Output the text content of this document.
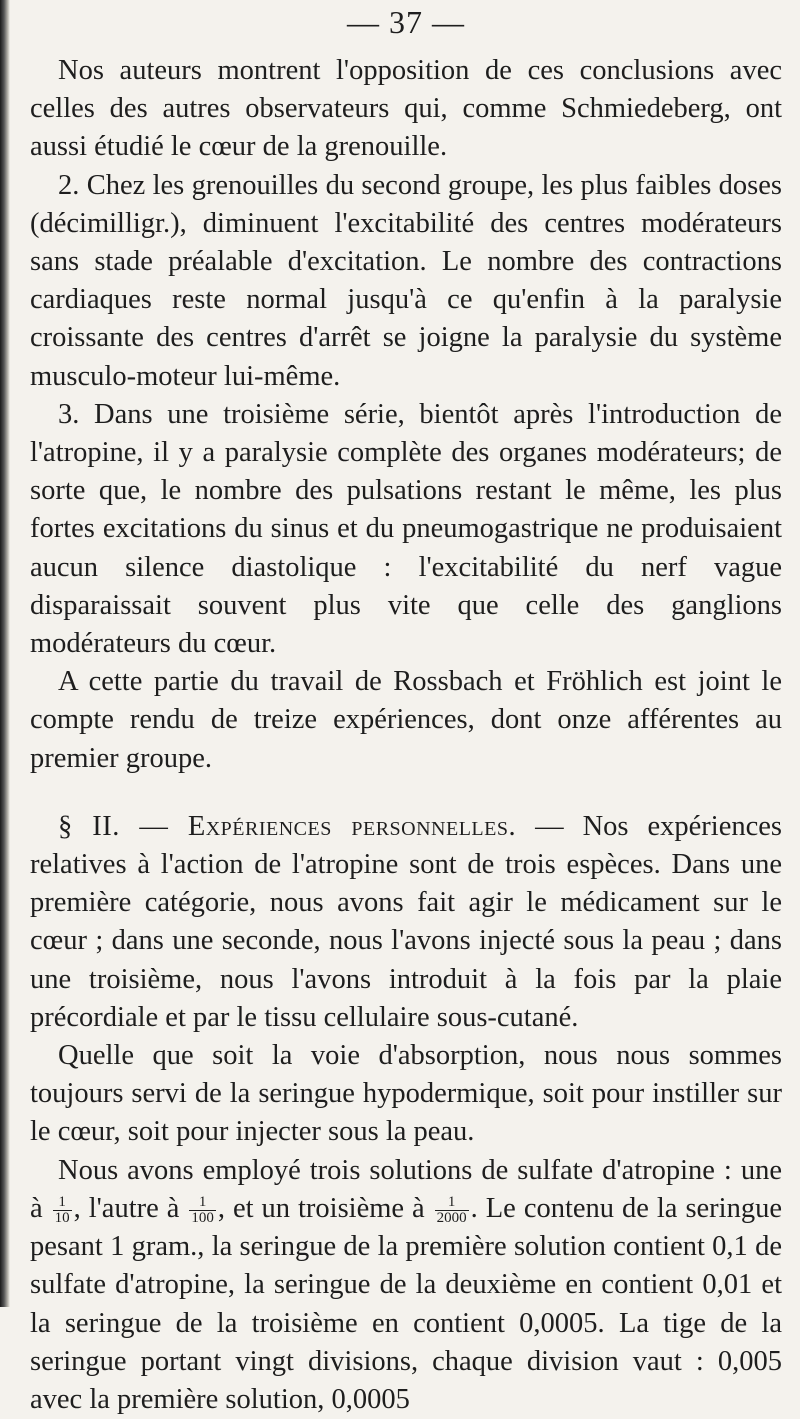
— 37 —

Nos auteurs montrent l'opposition de ces conclusions avec celles des autres observateurs qui, comme Schmiedeberg, ont aussi étudié le cœur de la grenouille.

2. Chez les grenouilles du second groupe, les plus faibles doses (décimilligr.), diminuent l'excitabilité des centres modérateurs sans stade préalable d'excitation. Le nombre des contractions cardiaques reste normal jusqu'à ce qu'enfin à la paralysie croissante des centres d'arrêt se joigne la paralysie du système musculo-moteur lui-même.

3. Dans une troisième série, bientôt après l'introduction de l'atropine, il y a paralysie complète des organes modérateurs; de sorte que, le nombre des pulsations restant le même, les plus fortes excitations du sinus et du pneumogastrique ne produisaient aucun silence diastolique : l'excitabilité du nerf vague disparaissait souvent plus vite que celle des ganglions modérateurs du cœur.

A cette partie du travail de Rossbach et Fröhlich est joint le compte rendu de treize expériences, dont onze afférentes au premier groupe.

§ II. — Expériences personnelles. — Nos expériences relatives à l'action de l'atropine sont de trois espèces. Dans une première catégorie, nous avons fait agir le médicament sur le cœur ; dans une seconde, nous l'avons injecté sous la peau ; dans une troisième, nous l'avons introduit à la fois par la plaie précordiale et par le tissu cellulaire sous-cutané.

Quelle que soit la voie d'absorption, nous nous sommes toujours servi de la seringue hypodermique, soit pour instiller sur le cœur, soit pour injecter sous la peau.

Nous avons employé trois solutions de sulfate d'atropine : une à $\frac{1}{10}$ , l'autre à $\frac{1}{100}$ , et un troisième à $\frac{1}{2000}$ . Le contenu de la seringue pesant 1 gram., la seringue de la première solution contient 0,1 de sulfate d'atropine, la seringue de la deuxième en contient 0,01 et la seringue de la troisième en contient 0,0005. La tige de la seringue portant vingt divisions, chaque division vaut : 0,005 avec la première solution, 0,0005
